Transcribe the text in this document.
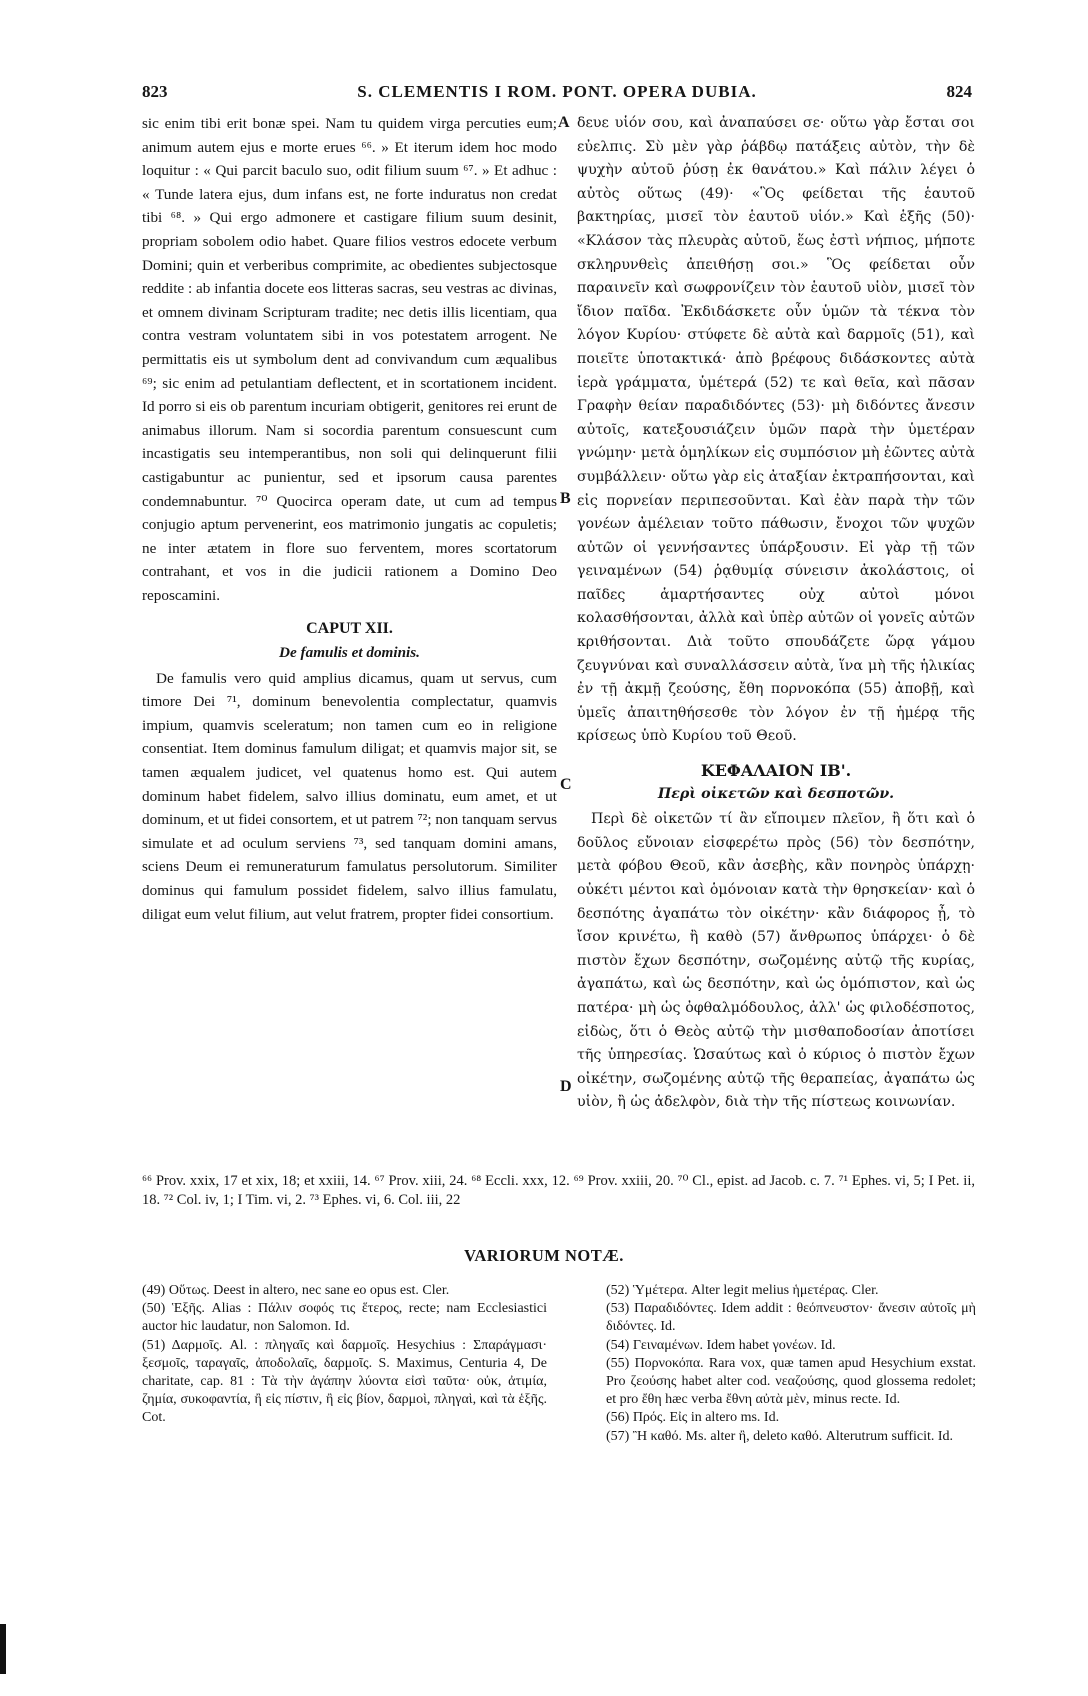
823	S. CLEMENTIS I ROM. PONT. OPERA DUBIA.	824

sic enim tibi erit bonæ spei. Nam tu quidem virga percuties eum; animum autem ejus e morte erues ⁶⁶. » Et iterum idem hoc modo loquitur : « Qui parcit baculo suo, odit filium suum ⁶⁷. » Et adhuc : « Tunde latera ejus, dum infans est, ne forte induratus non credat tibi ⁶⁸. » Qui ergo admonere et castigare filium suum desinit, propriam sobolem odio habet. Quare filios vestros edocete verbum Domini; quin et verberibus comprimite, ac obedientes subjectosque reddite : ab infantia docete eos litteras sacras, seu vestras ac divinas, et omnem divinam Scripturam tradite; nec detis illis licentiam, qua contra vestram voluntatem sibi in vos potestatem arrogent. Ne permittatis eis ut symbolum dent ad convivandum cum æqualibus ⁶⁹; sic enim ad petulantiam deflectent, et in scortationem incident. Id porro si eis ob parentum incuriam obtigerit, genitores rei erunt de animabus illorum. Nam si socordia parentum consuescunt cum incastigatis seu intemperantibus, non soli qui delinquerunt filii castigabuntur ac punientur, sed et ipsorum causa parentes condemnabuntur. ⁷⁰ Quocirca operam date, ut cum ad tempus conjugio aptum pervenerint, eos matrimonio jungatis ac copuletis; ne inter ætatem in flore suo ferventem, mores scortatorum contrahant, et vos in die judicii rationem a Domino Deo reposcamini.

CAPUT XII.
De famulis et dominis.

De famulis vero quid amplius dicamus, quam ut servus, cum timore Dei ⁷¹, dominum benevolentia complectatur, quamvis impium, quamvis sceleratum; non tamen cum eo in religione consentiat. Item dominus famulum diligat; et quamvis major sit, se tamen æqualem judicet, vel quatenus homo est. Qui autem dominum habet fidelem, salvo illius dominatu, eum amet, et ut dominum, et ut fidei consortem, et ut patrem ⁷²; non tanquam servus simulate et ad oculum serviens ⁷³, sed tanquam domini amans, sciens Deum ei remuneraturum famulatus persolutorum. Similiter dominus qui famulum possidet fidelem, salvo illius famulatu, diligat eum velut filium, aut velut fratrem, propter fidei consortium.

A
B
C
D

δευε υἱόν σου, καὶ ἀναπαύσει σε· οὕτω γὰρ ἔσται σοι εὐελπις. Σὺ μὲν γὰρ ῥάβδῳ πατάξεις αὐτὸν, τὴν δὲ ψυχὴν αὐτοῦ ῥύσῃ ἐκ θανάτου.» Καὶ πάλιν λέγει ὁ αὐτὸς οὕτως (49)· «Ὃς φείδεται τῆς ἑαυτοῦ βακτηρίας, μισεῖ τὸν ἑαυτοῦ υἱόν.» Καὶ ἑξῆς (50)· «Κλάσον τὰς πλευρὰς αὐτοῦ, ἕως ἐστὶ νήπιος, μήποτε σκληρυνθεὶς ἀπειθήσῃ σοι.» Ὃς φείδεται οὖν παραινεῖν καὶ σωφρονίζειν τὸν ἑαυτοῦ υἱὸν, μισεῖ τὸν ἴδιον παῖδα. Ἐκδιδάσκετε οὖν ὑμῶν τὰ τέκνα τὸν λόγον Κυρίου· στύφετε δὲ αὐτὰ καὶ δαρμοῖς (51), καὶ ποιεῖτε ὑποτακτικά· ἀπὸ βρέφους διδάσκοντες αὐτὰ ἱερὰ γράμματα, ὑμέτερά (52) τε καὶ θεῖα, καὶ πᾶσαν Γραφὴν θείαν παραδιδόντες (53)· μὴ διδόντες ἄνεσιν αὐτοῖς, κατεξουσιάζειν ὑμῶν παρὰ τὴν ὑμετέραν γνώμην· μετὰ ὁμηλίκων εἰς συμπόσιον μὴ ἐῶντες αὐτὰ συμβάλλειν· οὕτω γὰρ εἰς ἀταξίαν ἐκτραπήσονται, καὶ εἰς πορνείαν περιπεσοῦνται. Καὶ ἐὰν παρὰ τὴν τῶν γονέων ἀμέλειαν τοῦτο πάθωσιν, ἔνοχοι τῶν ψυχῶν αὐτῶν οἱ γεννήσαντες ὑπάρξουσιν. Εἰ γὰρ τῇ τῶν γειναμένων (54) ῥᾳθυμίᾳ σύνεισιν ἀκολάστοις, οἱ παῖδες ἁμαρτήσαντες οὐχ αὐτοὶ μόνοι κολασθήσονται, ἀλλὰ καὶ ὑπὲρ αὐτῶν οἱ γονεῖς αὐτῶν κριθήσονται. Διὰ τοῦτο σπουδάζετε ὥρᾳ γάμου ζευγνύναι καὶ συναλλάσσειν αὐτὰ, ἵνα μὴ τῆς ἡλικίας ἐν τῇ ἀκμῇ ζεούσης, ἔθη πορνοκόπα (55) ἀποβῇ, καὶ ὑμεῖς ἀπαιτηθήσεσθε τὸν λόγον ἐν τῇ ἡμέρᾳ τῆς κρίσεως ὑπὸ Κυρίου τοῦ Θεοῦ.

ΚΕΦΑΛΑΙΟΝ ΙΒ'.
Περὶ οἰκετῶν καὶ δεσποτῶν.

Περὶ δὲ οἰκετῶν τί ἂν εἴποιμεν πλεῖον, ἢ ὅτι καὶ ὁ δοῦλος εὔνοιαν εἰσφερέτω πρὸς (56) τὸν δεσπότην, μετὰ φόβου Θεοῦ, κἂν ἀσεβὴς, κἂν πονηρὸς ὑπάρχῃ· οὐκέτι μέντοι καὶ ὁμόνοιαν κατὰ τὴν θρησκείαν· καὶ ὁ δεσπότης ἀγαπάτω τὸν οἰκέτην· κἂν διάφορος ᾖ, τὸ ἴσον κρινέτω, ἢ καθὸ (57) ἄνθρωπος ὑπάρχει· ὁ δὲ πιστὸν ἔχων δεσπότην, σωζομένης αὐτῷ τῆς κυρίας, ἀγαπάτω, καὶ ὡς δεσπότην, καὶ ὡς ὁμόπιστον, καὶ ὡς πατέρα· μὴ ὡς ὀφθαλμόδουλος, ἀλλ' ὡς φιλοδέσποτος, εἰδὼς, ὅτι ὁ Θεὸς αὐτῷ τὴν μισθαποδοσίαν ἀποτίσει τῆς ὑπηρεσίας. Ὡσαύτως καὶ ὁ κύριος ὁ πιστὸν ἔχων οἰκέτην, σωζομένης αὐτῷ τῆς θεραπείας, ἀγαπάτω ὡς υἱὸν, ἢ ὡς ἀδελφὸν, διὰ τὴν τῆς πίστεως κοινωνίαν.

⁶⁶ Prov. xxix, 17 et xix, 18; et xxiii, 14. ⁶⁷ Prov. xiii, 24. ⁶⁸ Eccli. xxx, 12. ⁶⁹ Prov. xxiii, 20. ⁷⁰ Cl., epist. ad Jacob. c. 7. ⁷¹ Ephes. vi, 5; I Pet. ii, 18. ⁷² Col. iv, 1; I Tim. vi, 2. ⁷³ Ephes. vi, 6. Col. iii, 22

VARIORUM NOTÆ.

(49) Οὕτως. Deest in altero, nec sane eo opus est. Cler.

(50) Ἑξῆς. Alias : Πάλιν σοφός τις ἕτερος, recte; nam Ecclesiastici auctor hic laudatur, non Salomon. Id.

(51) Δαρμοῖς. Al. : πληγαῖς καὶ δαρμοῖς. Hesychius : Σπαράγμασι· ξεσμοῖς, ταραγαῖς, ἀποδολαῖς, δαρμοῖς. S. Maximus, Centuria 4, De charitate, cap. 81 : Τὰ τὴν ἀγάπην λύοντα εἰσὶ ταῦτα· οὐκ, ἀτιμία, ζημία, συκοφαντία, ἢ εἰς πίστιν, ἢ εἰς βίον, δαρμοὶ, πληγαὶ, καὶ τὰ ἑξῆς. Cot.

(52) Ὑμέτερα. Alter legit melius ἡμετέρας. Cler.

(53) Παραδιδόντες. Idem addit : θεόπνευστον· ἄνεσιν αὐτοῖς μὴ διδόντες. Id.

(54) Γειναμένων. Idem habet γονέων. Id.

(55) Πορνοκόπα. Rara vox, quæ tamen apud Hesychium exstat. Pro ζεούσης habet alter cod. νεαζούσης, quod glossema redolet; et pro ἔθη hæc verba ἔθνη αὐτὰ μὲν, minus recte. Id.

(56) Πρός. Εἰς in altero ms. Id.

(57) Ἢ καθό. Ms. alter ἢ, deleto καθό. Alterutrum sufficit. Id.
